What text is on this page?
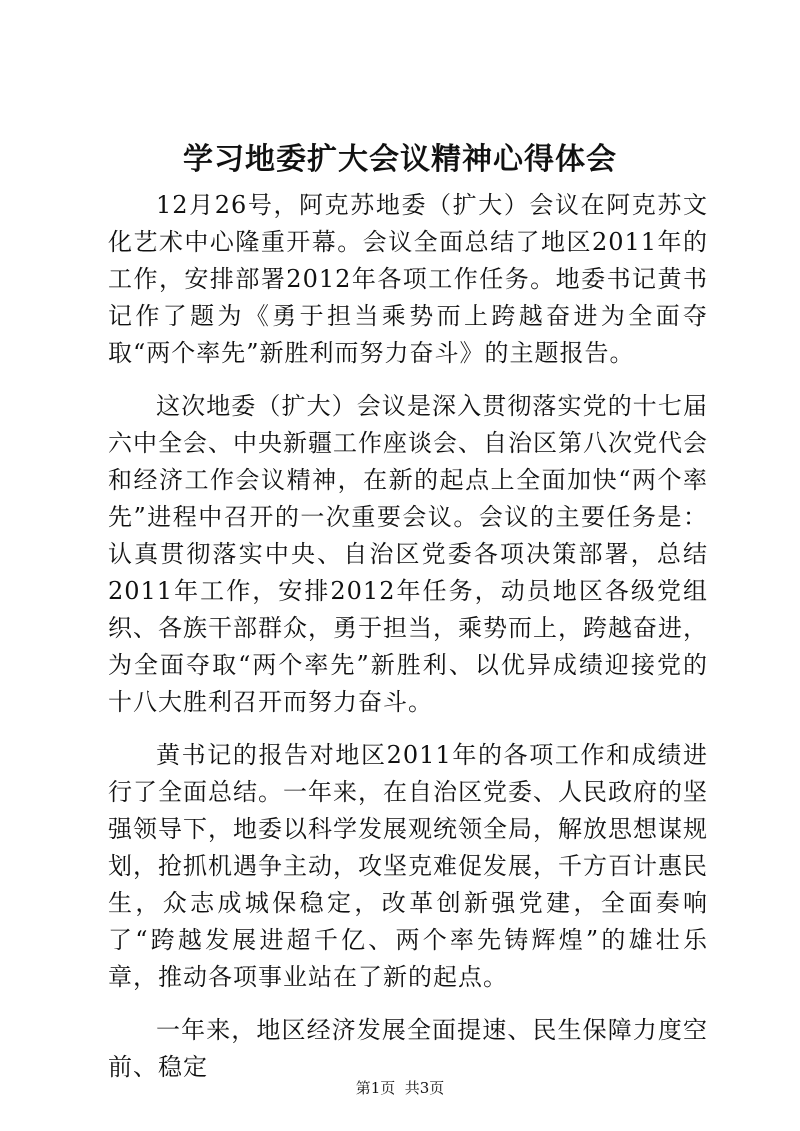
学习地委扩大会议精神心得体会

12月26号，阿克苏地委（扩大）会议在阿克苏文化艺术中心隆重开幕。会议全面总结了地区2011年的工作，安排部署2012年各项工作任务。地委书记黄书记作了题为《勇于担当乘势而上跨越奋进为全面夺取“两个率先”新胜利而努力奋斗》的主题报告。

这次地委（扩大）会议是深入贯彻落实党的十七届六中全会、中央新疆工作座谈会、自治区第八次党代会和经济工作会议精神，在新的起点上全面加快“两个率先”进程中召开的一次重要会议。会议的主要任务是：认真贯彻落实中央、自治区党委各项决策部署，总结2011年工作，安排2012年任务，动员地区各级党组织、各族干部群众，勇于担当，乘势而上，跨越奋进，为全面夺取“两个率先”新胜利、以优异成绩迎接党的十八大胜利召开而努力奋斗。

黄书记的报告对地区2011年的各项工作和成绩进行了全面总结。一年来，在自治区党委、人民政府的坚强领导下，地委以科学发展观统领全局，解放思想谋规划，抢抓机遇争主动，攻坚克难促发展，千方百计惠民生，众志成城保稳定，改革创新强党建，全面奏响了“跨越发展进超千亿、两个率先铸辉煌”的雄壮乐章，推动各项事业站在了新的起点。

一年来，地区经济发展全面提速、民生保障力度空前、稳定

第1页  共3页
